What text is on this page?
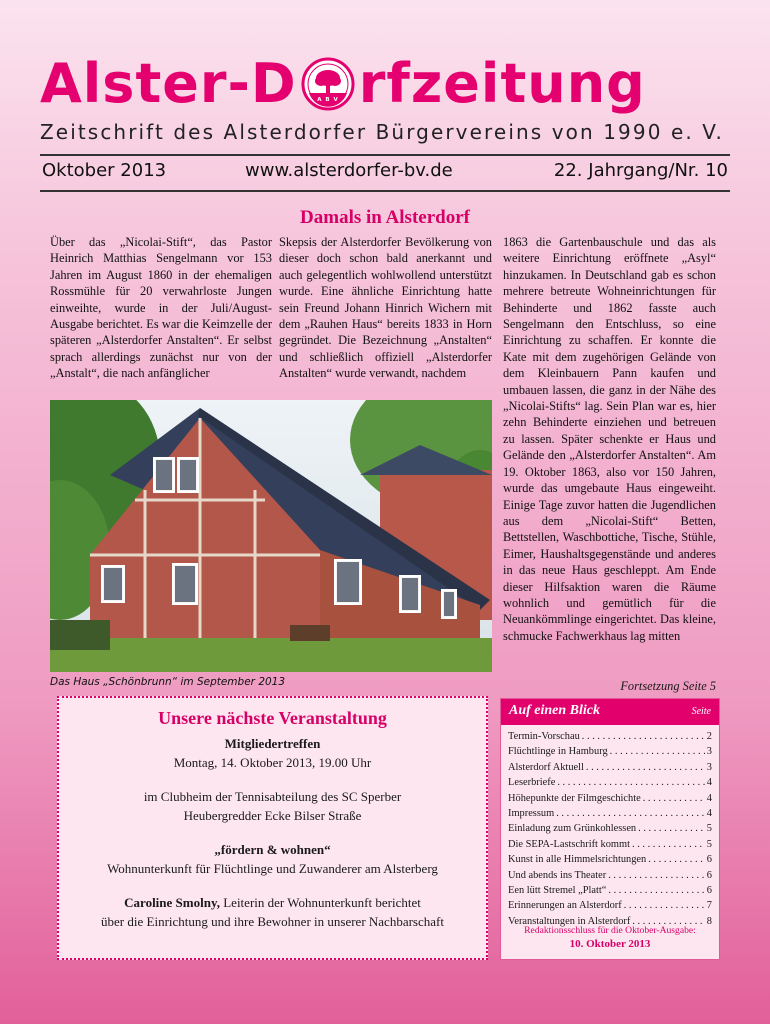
Alster-D	A B V rfzeitung
Zeitschrift des Alsterdorfer Bürgervereins von 1990 e. V.
Oktober 2013	www.alsterdorfer-bv.de	22. Jahrgang/Nr. 10
Damals in Alsterdorf
Über das „Nicolai-Stift“, das Pastor Heinrich Matthias Sengelmann vor 153 Jahren im August 1860 in der ehemaligen Rossmühle für 20 verwahrloste Jungen einweihte, wurde in der Juli/August-Ausgabe berichtet. Es war die Keimzelle der späteren „Alsterdorfer Anstalten“. Er selbst sprach allerdings zunächst nur von der „Anstalt“, die nach anfänglicher
Skepsis der Alsterdorfer Bevölkerung von dieser doch schon bald anerkannt und auch gelegentlich wohlwollend unterstützt wurde. Eine ähnliche Einrichtung hatte sein Freund Johann Hinrich Wichern mit dem „Rauhen Haus“ bereits 1833 in Horn gegründet. Die Bezeichnung „Anstalten“ und schließlich offiziell „Alsterdorfer Anstalten“ wurde verwandt, nachdem
1863 die Gartenbauschule und das als weitere Einrichtung eröffnete „Asyl“ hinzukamen. In Deutschland gab es schon mehrere betreute Wohneinrichtungen für Behinderte und 1862 fasste auch Sengelmann den Entschluss, so eine Einrichtung zu schaffen. Er konnte die Kate mit dem zugehörigen Gelände von dem Kleinbauern Pann kaufen und umbauen lassen, die ganz in der Nähe des „Nicolai-Stifts“ lag. Sein Plan war es, hier zehn Behinderte einziehen und betreuen zu lassen. Später schenkte er Haus und Gelände den „Alsterdorfer Anstalten“. Am 19. Oktober 1863, also vor 150 Jahren, wurde das umgebaute Haus eingeweiht. Einige Tage zuvor hatten die Jugendlichen aus dem „Nicolai-Stift“ Betten, Bettstellen, Waschbottiche, Tische, Stühle, Eimer, Haushaltsgegenstände und anderes in das neue Haus geschleppt. Am Ende dieser Hilfsaktion waren die Räume wohnlich und gemütlich für die Neuankömmlinge eingerichtet. Das kleine, schmucke Fachwerkhaus lag mitten
Das Haus „Schönbrunn“ im September 2013	Fortsetzung Seite 5
Unsere nächste Veranstaltung
Mitgliedertreffen
Montag, 14. Oktober 2013, 19.00 Uhr
im Clubheim der Tennisabteilung des SC Sperber
Heubergredder Ecke Bilser Straße
„fördern & wohnen“
Wohnunterkunft für Flüchtlinge und Zuwanderer am Alsterberg
Caroline Smolny, Leiterin der Wohnunterkunft berichtet
über die Einrichtung und ihre Bewohner in unserer Nachbarschaft
Auf einen Blick	Seite
Termin-Vorschau . . .	2
Flüchtlinge in Hamburg . . .	3
Alsterdorf Aktuell . . .	3
Leserbriefe . . .	4
Höhepunkte der Filmgeschichte . . .	4
Impressum . . .	4
Einladung zum Grünkohlessen . . .	5
Die SEPA-Lastschrift kommt . . .	5
Kunst in alle Himmelsrichtungen . . .	6
Und abends ins Theater . . .	6
Een lütt Stremel „Platt“ . . .	6
Erinnerungen an Alsterdorf . . .	7
Veranstaltungen in Alsterdorf . . .	8
Redaktionsschluss für die Oktober-Ausgabe:
10. Oktober 2013
